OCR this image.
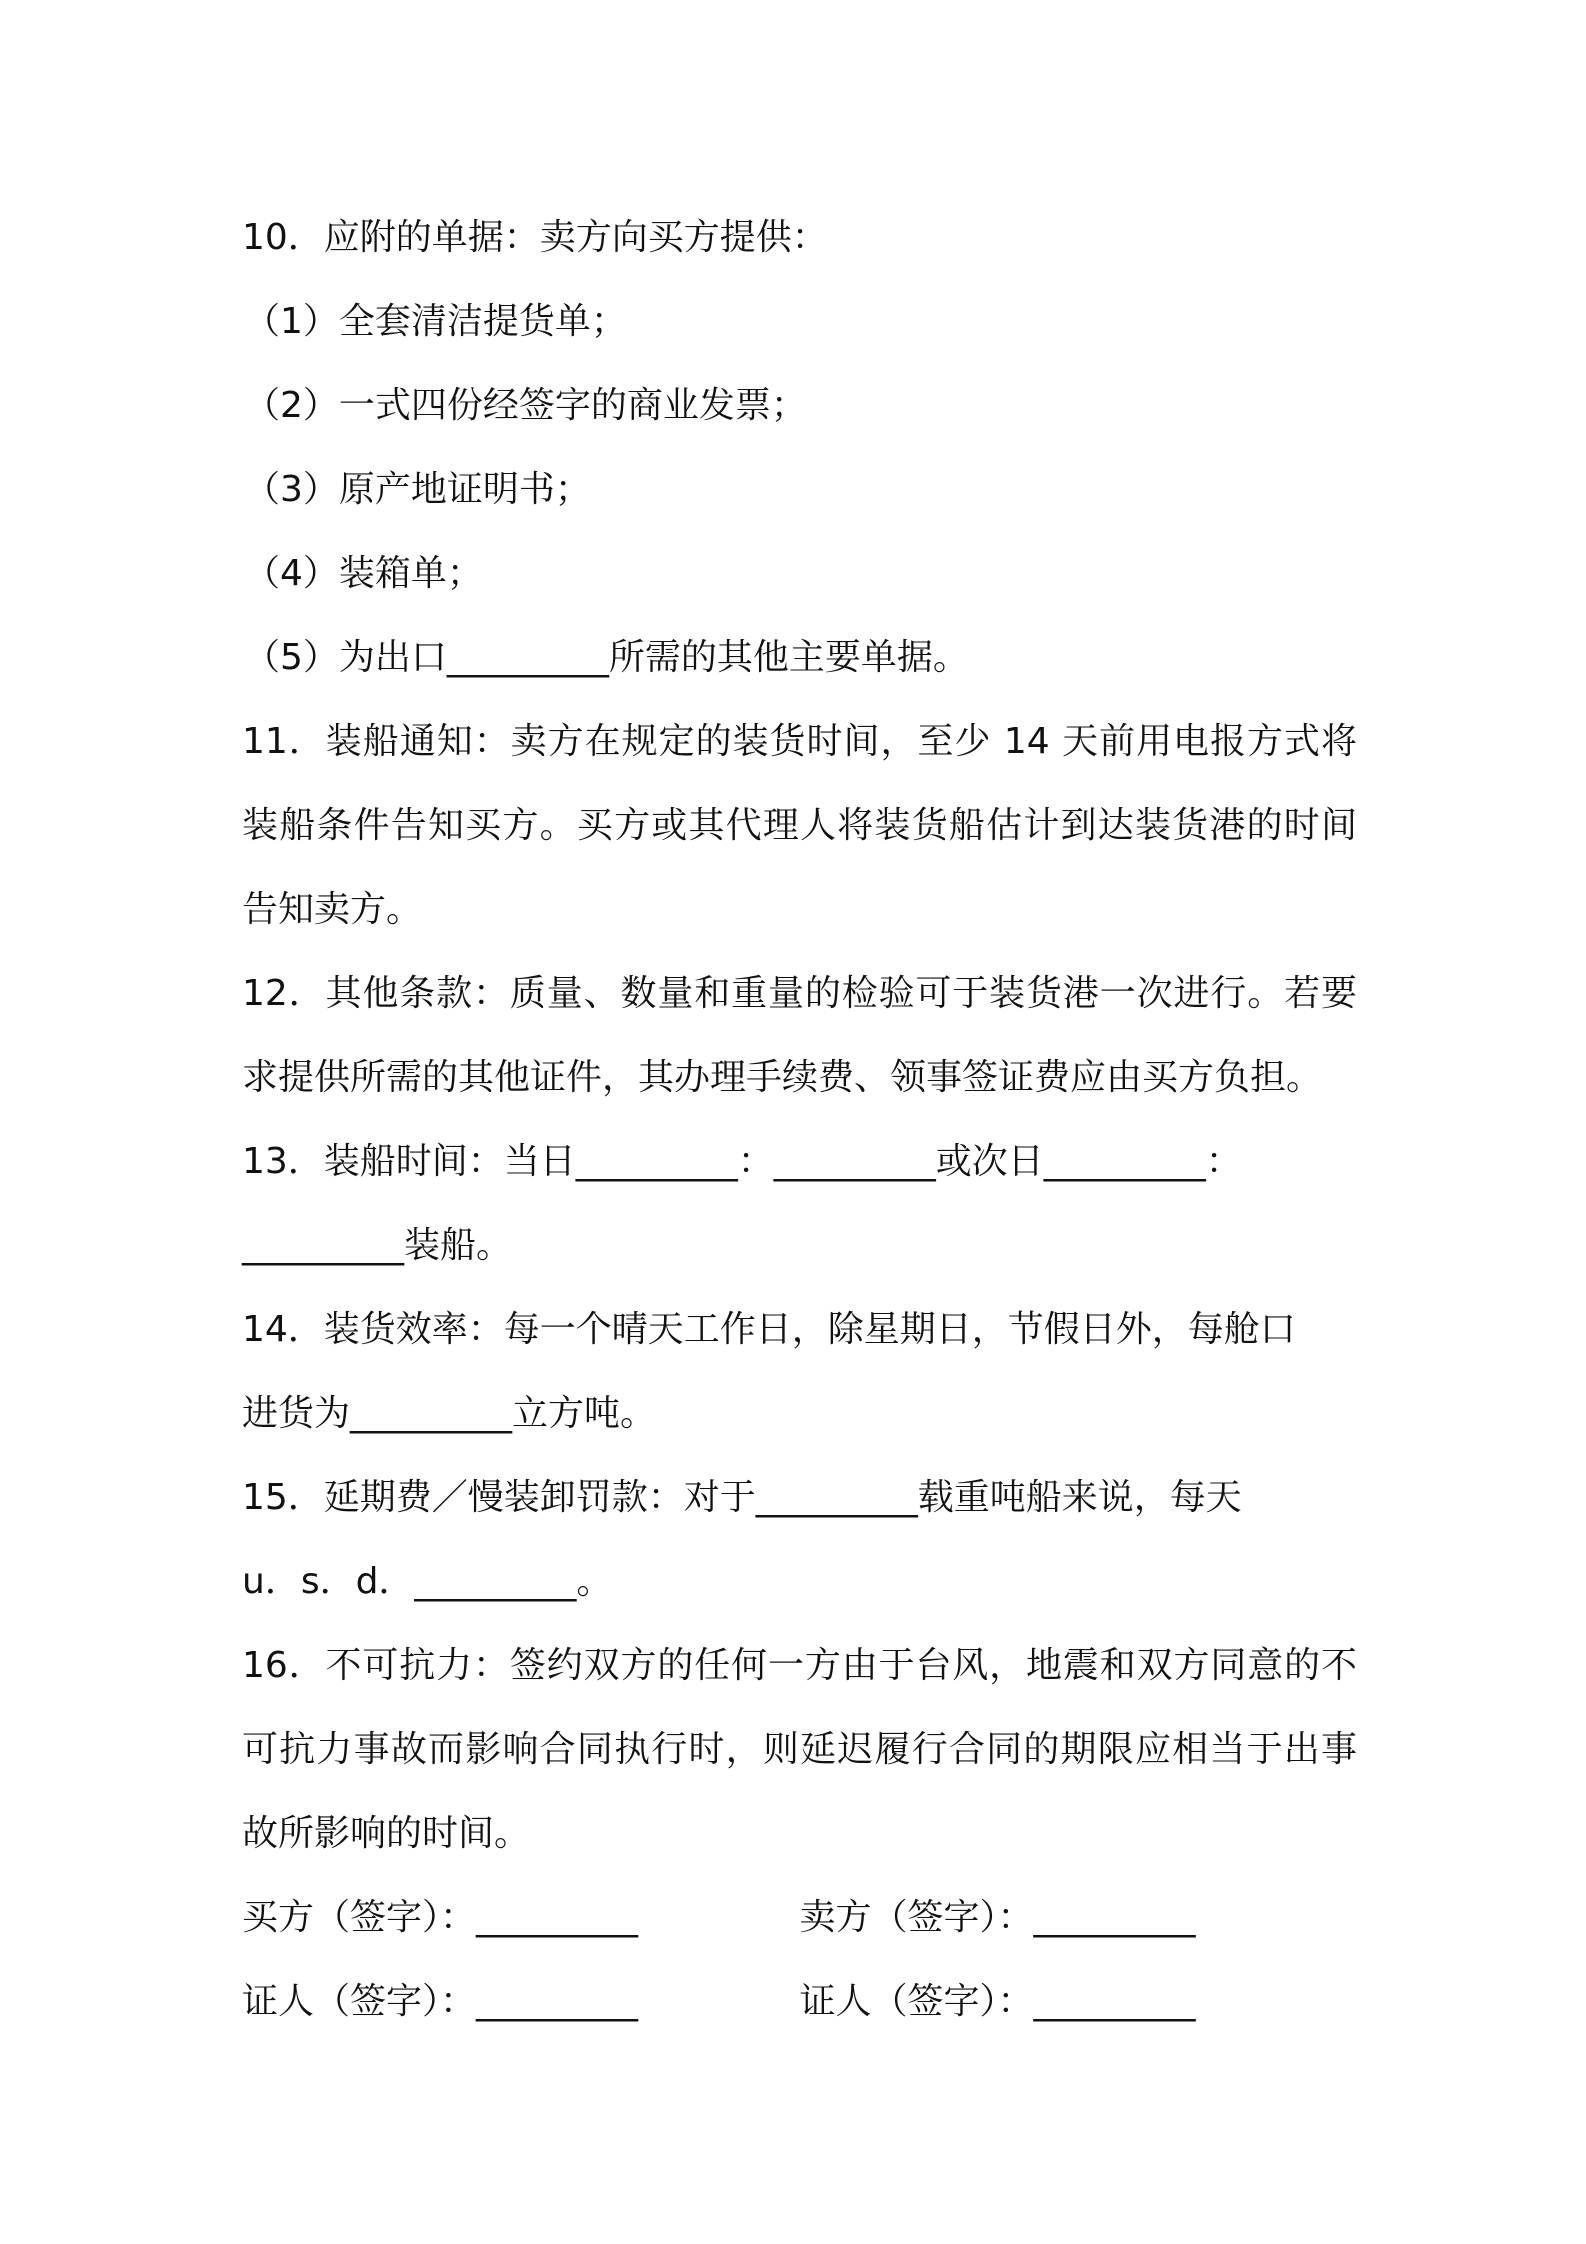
10．应附的单据：卖方向买方提供：

（1）全套清洁提货单；

（2）一式四份经签字的商业发票；

（3）原产地证明书；

（4）装箱单；

（5）为出口_________所需的其他主要单据。

11．装船通知：卖方在规定的装货时间，至少 14 天前用电报方式将装船条件告知买方。买方或其代理人将装货船估计到达装货港的时间告知卖方。

12．其他条款：质量、数量和重量的检验可于装货港一次进行。若要求提供所需的其他证件，其办理手续费、领事签证费应由买方负担。

13．装船时间：当日_________：_________或次日_________：

_________装船。

14．装货效率：每一个晴天工作日，除星期日，节假日外，每舱口

进货为_________立方吨。

15．延期费／慢装卸罚款：对于_________载重吨船来说，每天

u．s．d．_________。

16．不可抗力：签约双方的任何一方由于台风，地震和双方同意的不可抗力事故而影响合同执行时，则延迟履行合同的期限应相当于出事故所影响的时间。

买方（签字）：_________	卖方（签字）：_________
证人（签字）：_________	证人（签字）：_________
